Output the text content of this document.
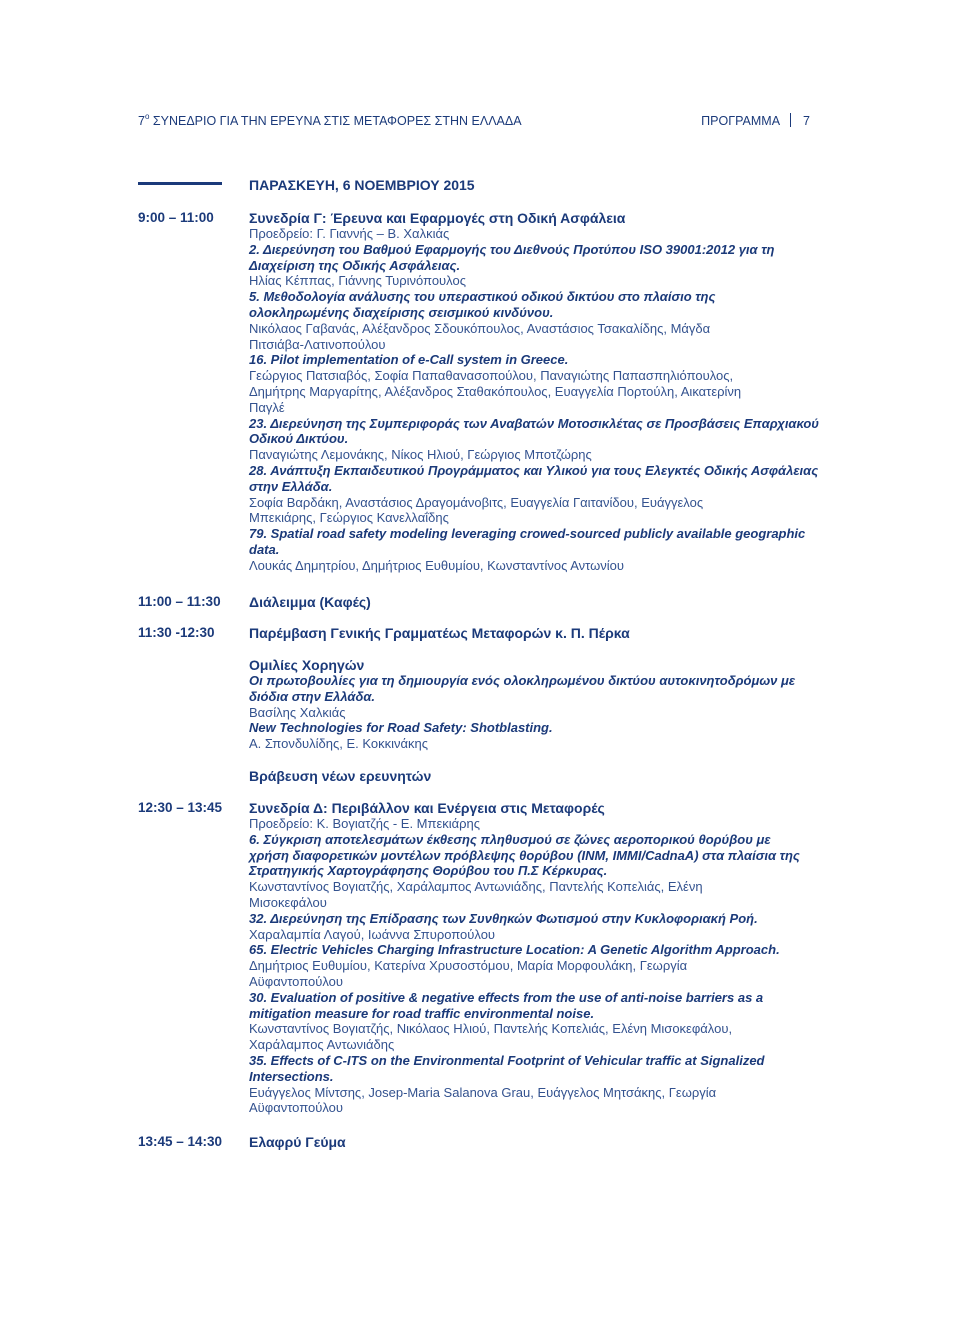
$7^o$ ΣΥΝΕΔΡΙΟ ΓΙΑ ΤΗΝ ΕΡΕΥΝΑ ΣΤΙΣ ΜΕΤΑΦΟΡΕΣ ΣΤΗΝ ΕΛΛΑΔΑ	ΠΡΟΓΡΑΜΜΑ 7
ΠΑΡΑΣΚΕΥΗ, 6 ΝΟΕΜΒΡΙΟΥ 2015
9:00 – 11:00	Συνεδρία Γ: Έρευνα και Εφαρμογές στη Οδική Ασφάλεια
Προεδρείο: Γ. Γιαννής – Β. Χαλκιάς
2. Διερεύνηση του Βαθμού Εφαρμογής του Διεθνούς Προτύπου ISO 39001:2012 για τη
Διαχείριση της Οδικής Ασφάλειας.
Ηλίας Κέππας, Γιάννης Τυρινόπουλος
5. Μεθοδολογία ανάλυσης του υπεραστικού οδικού δικτύου στο πλαίσιο της
ολοκληρωμένης διαχείρισης σεισμικού κινδύνου.
Νικόλαος Γαβανάς, Αλέξανδρος Σδουκόπουλος, Αναστάσιος Τσακαλίδης, Μάγδα
Πιτσιάβα-Λατινοπούλου
16. Pilot implementation of e-Call system in Greece.
Γεώργιος Πατσιαβός, Σοφία Παπαθανασοπούλου, Παναγιώτης Παπασπηλιόπουλος,
Δημήτρης Μαργαρίτης, Αλέξανδρος Σταθακόπουλος, Ευαγγελία Πορτούλη, Αικατερίνη
Παγλέ
23. Διερεύνηση της Συμπεριφοράς των Αναβατών Μοτοσικλέτας σε Προσβάσεις Επαρχιακού
Οδικού Δικτύου.
Παναγιώτης Λεμονάκης, Νίκος Ηλιού, Γεώργιος Μποτζώρης
28. Ανάπτυξη Εκπαιδευτικού Προγράμματος και Υλικού για τους Ελεγκτές Οδικής Ασφάλειας
στην Ελλάδα.
Σοφία Βαρδάκη, Αναστάσιος Δραγομάνοβιτς, Ευαγγελία Γαιτανίδου, Ευάγγελος
Μπεκιάρης, Γεώργιος Κανελλαΐδης
79. Spatial road safety modeling leveraging crowed-sourced publicly available geographic
data.
Λουκάς Δημητρίου, Δημήτριος Ευθυμίου, Κωνσταντίνος Αντωνίου
11:00 – 11:30	Διάλειμμα (Καφές)
11:30 -12:30	Παρέμβαση Γενικής Γραμματέως Μεταφορών κ. Π. Πέρκα
Ομιλίες Χορηγών
Οι πρωτοβουλίες για τη δημιουργία ενός ολοκληρωμένου δικτύου αυτοκινητοδρόμων με
διόδια στην Ελλάδα.
Βασίλης Χαλκιάς
New Technologies for Road Safety: Shotblasting.
Α. Σπονδυλίδης, Ε. Κοκκινάκης
Βράβευση νέων ερευνητών
12:30 – 13:45	Συνεδρία Δ: Περιβάλλον και Ενέργεια στις Μεταφορές
Προεδρείο: Κ. Βογιατζής - Ε. Μπεκιάρης
6. Σύγκριση αποτελεσμάτων έκθεσης πληθυσμού σε ζώνες αεροπορικού θορύβου με
χρήση διαφορετικών μοντέλων πρόβλεψης θορύβου (INM, IMMI/CadnaA) στα πλαίσια της
Στρατηγικής Χαρτογράφησης Θορύβου του Π.Σ Κέρκυρας.
Κωνσταντίνος Βογιατζής, Χαράλαμπος Αντωνιάδης, Παντελής Κοπελιάς, Ελένη
Μισοκεφάλου
32. Διερεύνηση της Επίδρασης των Συνθηκών Φωτισμού στην Κυκλοφοριακή Ροή.
Χαραλαμπία Λαγού, Ιωάννα Σπυροπούλου
65. Electric Vehicles Charging Infrastructure Location: A Genetic Algorithm Approach.
Δημήτριος Ευθυμίου, Κατερίνα Χρυσοστόμου, Μαρία Μορφουλάκη, Γεωργία
Αϋφαντοπούλου
30. Evaluation of positive & negative effects from the use of anti-noise barriers as a
mitigation measure for road traffic environmental noise.
Κωνσταντίνος Βογιατζής, Νικόλαος Ηλιού, Παντελής Κοπελιάς, Ελένη Μισοκεφάλου,
Χαράλαμπος Αντωνιάδης
35. Effects of C-ITS on the Environmental Footprint of Vehicular traffic at Signalized
Intersections.
Ευάγγελος Μίντσης, Josep-Maria Salanova Grau, Ευάγγελος Μητσάκης, Γεωργία
Αϋφαντοπούλου
13:45 – 14:30	Ελαφρύ Γεύμα
